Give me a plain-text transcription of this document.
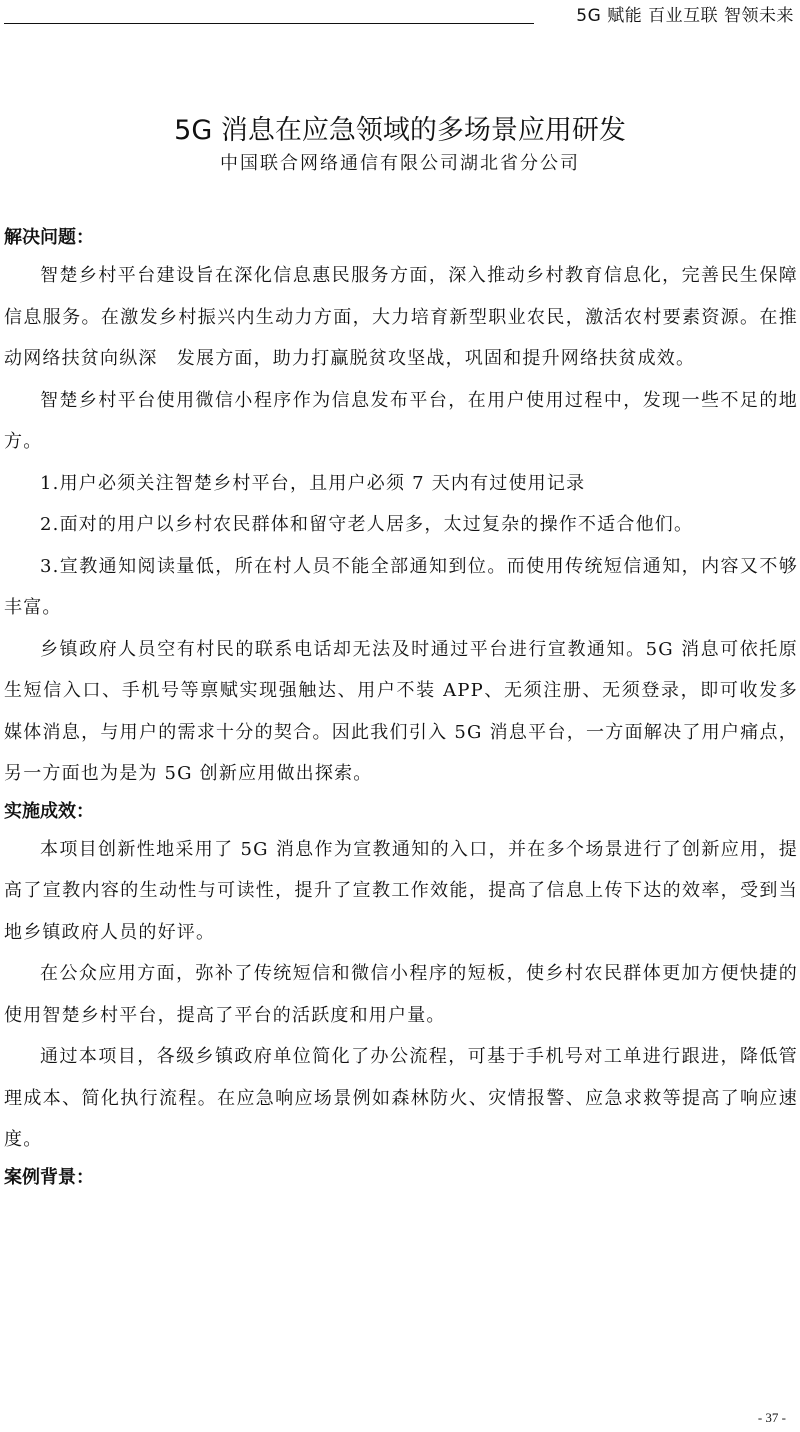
5G 赋能 百业互联 智领未来
5G 消息在应急领域的多场景应用研发
中国联合网络通信有限公司湖北省分公司

解决问题：

智楚乡村平台建设旨在深化信息惠民服务方面，深入推动乡村教育信息化，完善民生保障信息服务。在激发乡村振兴内生动力方面，大力培育新型职业农民，激活农村要素资源。在推动网络扶贫向纵深　发展方面，助力打赢脱贫攻坚战，巩固和提升网络扶贫成效。

智楚乡村平台使用微信小程序作为信息发布平台，在用户使用过程中，发现一些不足的地方。

1.用户必须关注智楚乡村平台，且用户必须 7 天内有过使用记录

2.面对的用户以乡村农民群体和留守老人居多，太过复杂的操作不适合他们。

3.宣教通知阅读量低，所在村人员不能全部通知到位。而使用传统短信通知，内容又不够丰富。

乡镇政府人员空有村民的联系电话却无法及时通过平台进行宣教通知。5G 消息可依托原生短信入口、手机号等禀赋实现强触达、用户不装 APP、无须注册、无须登录，即可收发多媒体消息，与用户的需求十分的契合。因此我们引入 5G 消息平台，一方面解决了用户痛点，另一方面也为是为 5G 创新应用做出探索。

实施成效：

本项目创新性地采用了 5G 消息作为宣教通知的入口，并在多个场景进行了创新应用，提高了宣教内容的生动性与可读性，提升了宣教工作效能，提高了信息上传下达的效率，受到当地乡镇政府人员的好评。

在公众应用方面，弥补了传统短信和微信小程序的短板，使乡村农民群体更加方便快捷的使用智楚乡村平台，提高了平台的活跃度和用户量。

通过本项目，各级乡镇政府单位简化了办公流程，可基于手机号对工单进行跟进，降低管理成本、简化执行流程。在应急响应场景例如森林防火、灾情报警、应急求救等提高了响应速度。

案例背景：

- 37 -
